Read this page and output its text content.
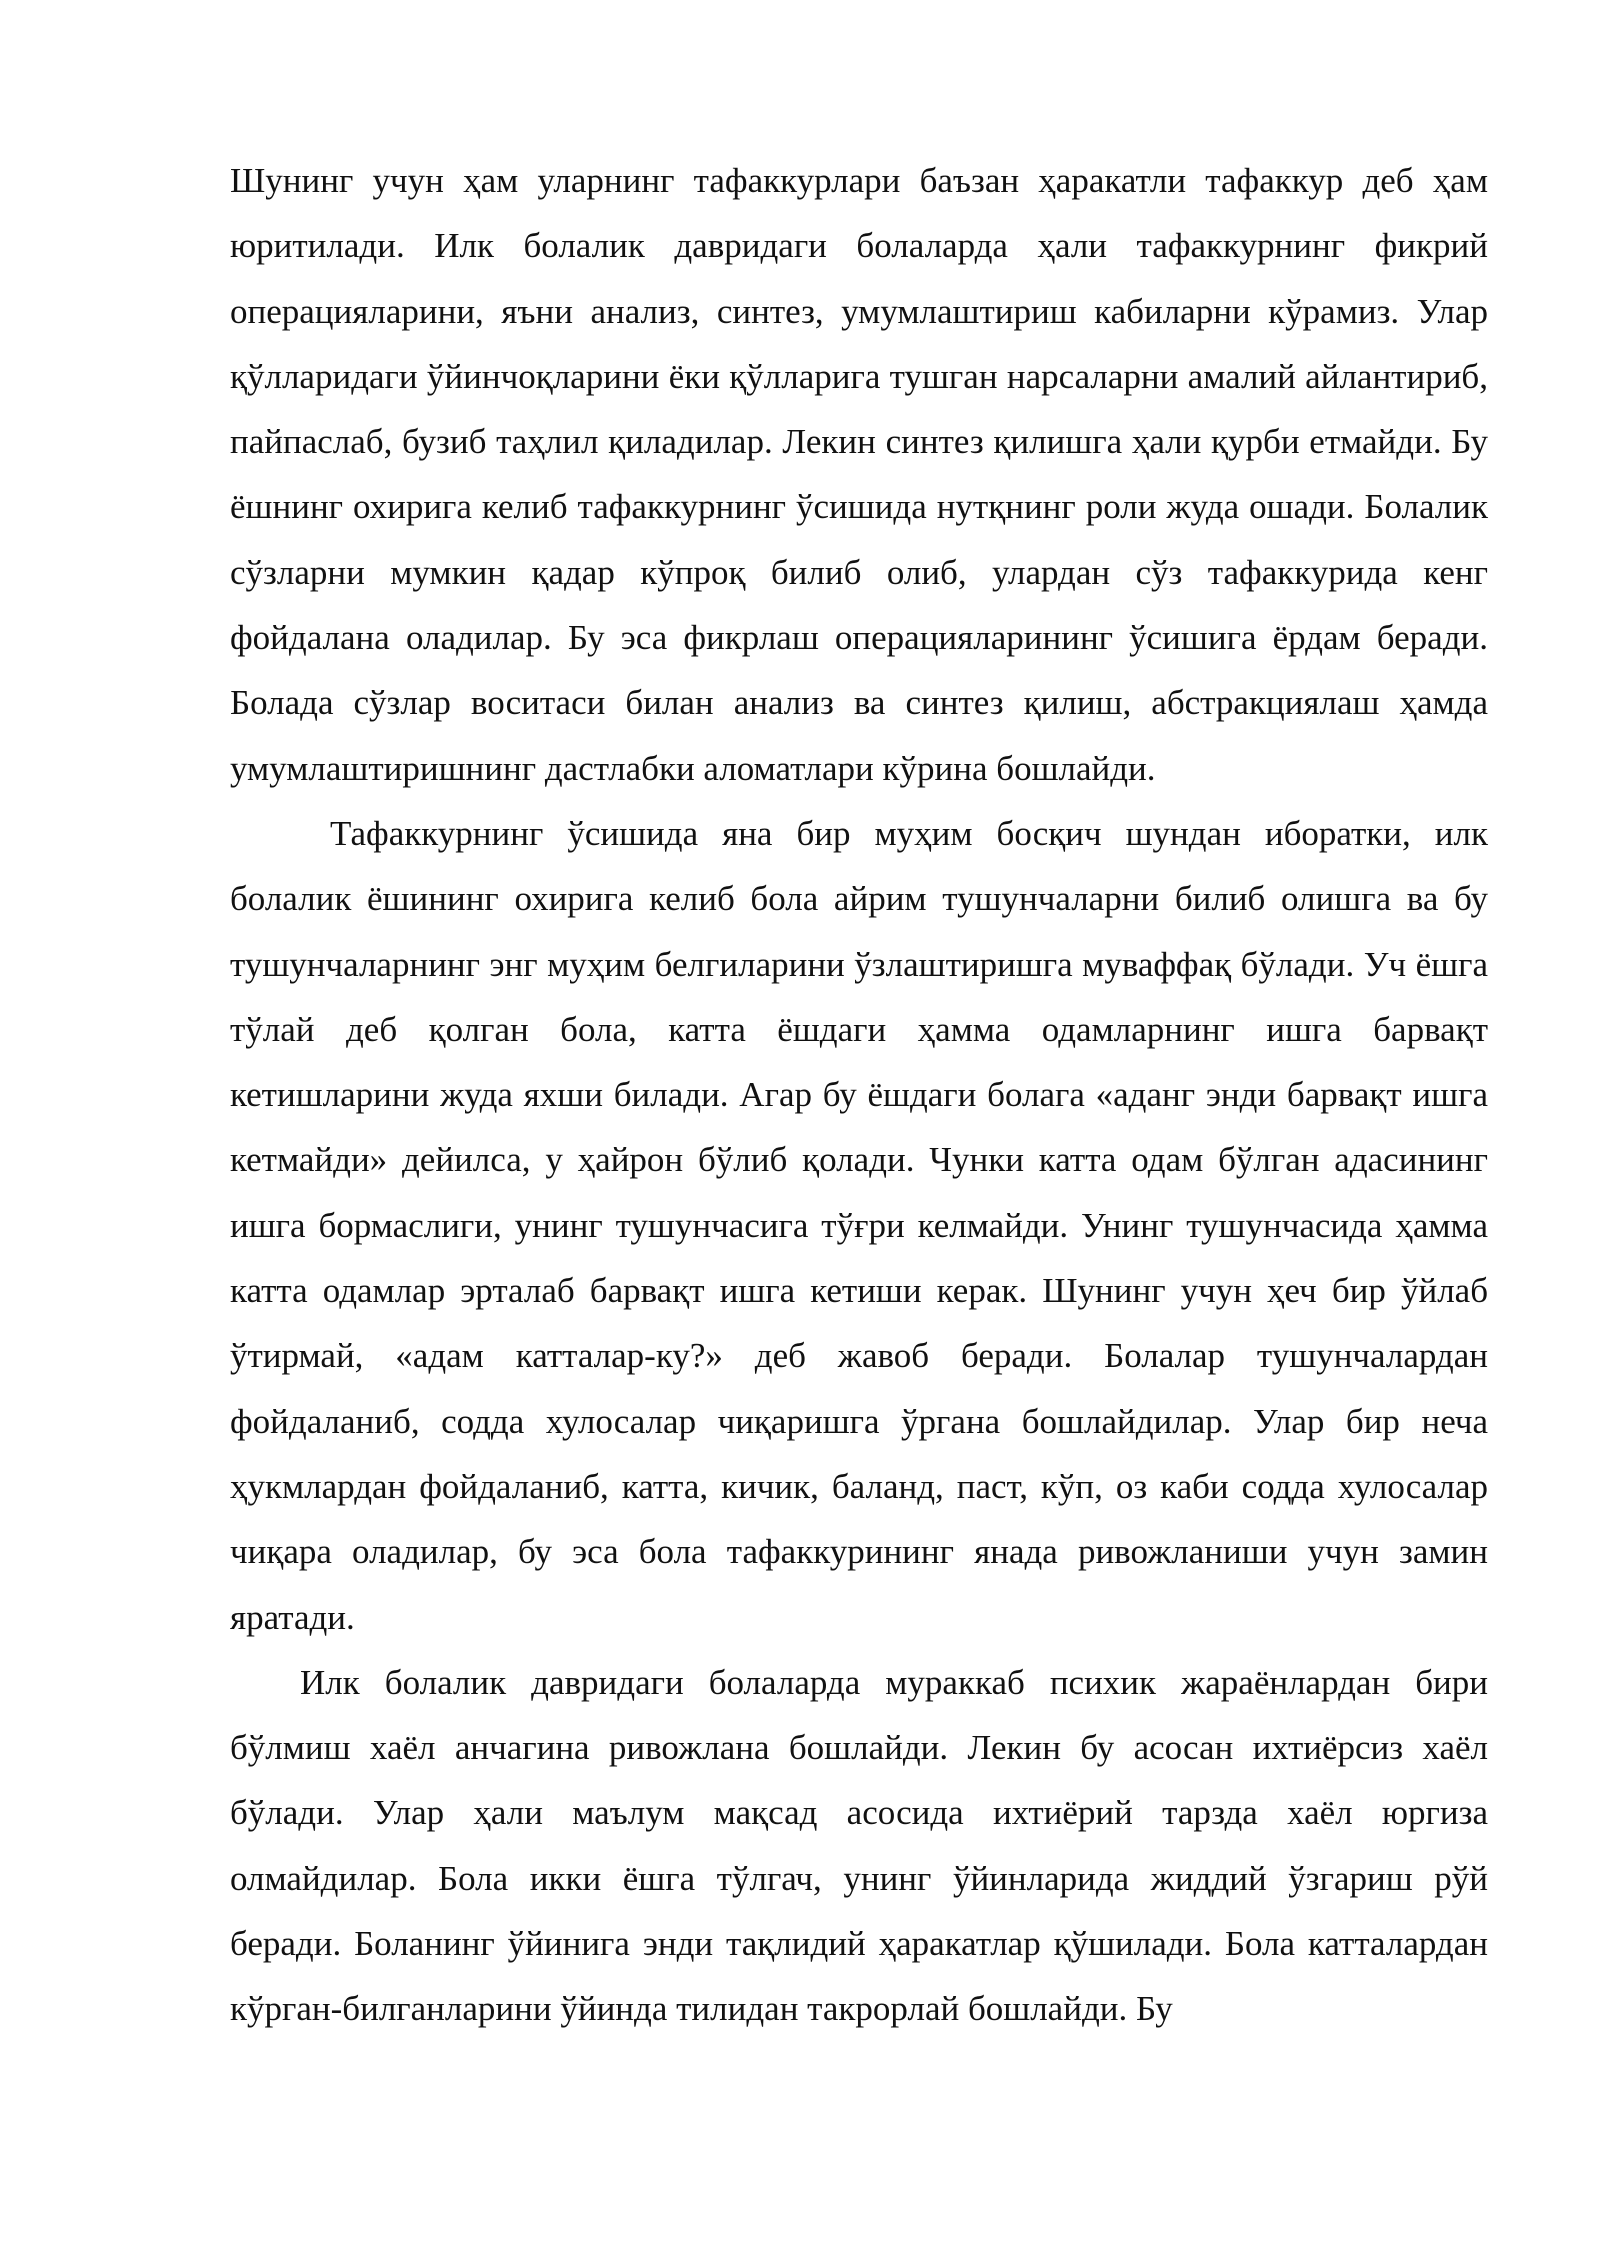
Шунинг учун ҳам уларнинг тафаккурлари баъзан ҳаракатли тафаккур деб ҳам юритилади. Илк болалик давридаги болаларда ҳали тафаккурнинг фикрий операцияларини, яъни анализ, синтез, умумлаштириш кабиларни кўрамиз. Улар қўлларидаги ўйинчоқларини ёки қўлларига тушган нарсаларни амалий айлантириб, пайпаслаб, бузиб таҳлил қиладилар. Лекин синтез қилишга ҳали қурби етмайди. Бу ёшнинг охирига келиб тафаккурнинг ўсишида нутқнинг роли жуда ошади. Болалик сўзларни мумкин қадар кўпроқ билиб олиб, улардан сўз тафаккурида кенг фойдалана оладилар. Бу эса фикрлаш операцияларининг ўсишига ёрдам беради. Болада сўзлар воситаси билан анализ ва синтез қилиш, абстракциялаш ҳамда умумлаштиришнинг дастлабки аломатлари кўрина бошлайди.

Тафаккурнинг ўсишида яна бир муҳим босқич шундан иборатки, илк болалик ёшининг охирига келиб бола айрим тушунчаларни билиб олишга ва бу тушунчаларнинг энг муҳим белгиларини ўзлаштиришга муваффақ бўлади. Уч ёшга тўлай деб қолган бола, катта ёшдаги ҳамма одамларнинг ишга барвақт кетишларини жуда яхши билади. Агар бу ёшдаги болага «аданг энди барвақт ишга кетмайди» дейилса, у ҳайрон бўлиб қолади. Чунки катта одам бўлган адасининг ишга бормаслиги, унинг тушунчасига тўғри келмайди. Унинг тушунчасида ҳамма катта одамлар эрталаб барвақт ишга кетиши керак. Шунинг учун ҳеч бир ўйлаб ўтирмай, «адам катталар-ку?» деб жавоб беради. Болалар тушунчалардан фойдаланиб, содда хулосалар чиқаришга ўргана бошлайдилар. Улар бир неча ҳукмлардан фойдаланиб, катта, кичик, баланд, паст, кўп, оз каби содда хулосалар чиқара оладилар, бу эса бола тафаккурининг янада ривожланиши учун замин яратади.

Илк болалик давридаги болаларда мураккаб психик жараёнлардан бири бўлмиш хаёл анчагина ривожлана бошлайди. Лекин бу асосан ихтиёрсиз хаёл бўлади. Улар ҳали маълум мақсад асосида ихтиёрий тарзда хаёл юргиза олмайдилар. Бола икки ёшга тўлгач, унинг ўйинларида жиддий ўзгариш рўй беради. Боланинг ўйинига энди тақлидий ҳаракатлар қўшилади. Бола катталардан кўрган-билганларини ўйинда тилидан такрорлай бошлайди. Бу
